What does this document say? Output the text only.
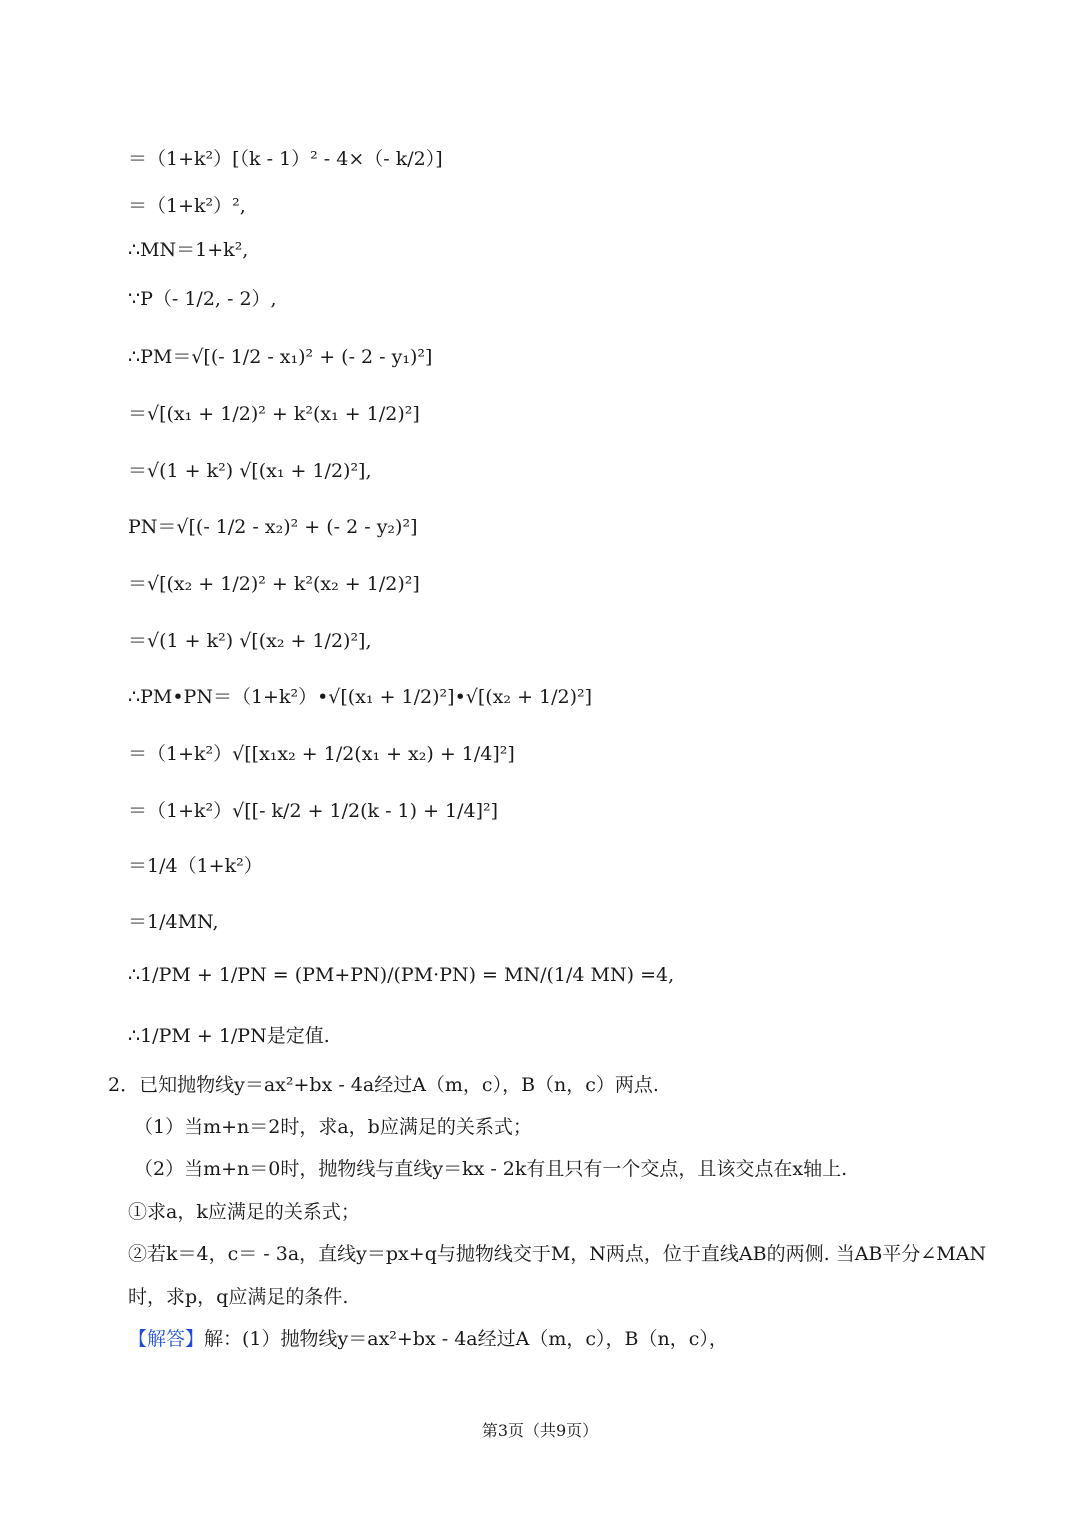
＝（1+k²）[（k - 1）² - 4×（- k/2）]
＝（1+k²）²,
∴MN＝1+k²,
∵P（- 1/2, - 2）,
∴PM＝√[(- 1/2 - x₁)² + (- 2 - y₁)²]
＝√[(x₁ + 1/2)² + k²(x₁ + 1/2)²]
＝√(1 + k²) √[(x₁ + 1/2)²],
PN＝√[(- 1/2 - x₂)² + (- 2 - y₂)²]
＝√[(x₂ + 1/2)² + k²(x₂ + 1/2)²]
＝√(1 + k²) √[(x₂ + 1/2)²],
∴PM•PN＝（1+k²）•√[(x₁ + 1/2)²]•√[(x₂ + 1/2)²]
＝（1+k²）√[[x₁x₂ + 1/2(x₁ + x₂) + 1/4]²]
＝（1+k²）√[[- k/2 + 1/2(k - 1) + 1/4]²]
＝1/4（1+k²）
＝1/4MN,
∴1/PM + 1/PN = (PM+PN)/(PM·PN) = MN/(1/4 MN) =4,
∴1/PM + 1/PN是定值.
2．已知抛物线y＝ax²+bx - 4a经过A（m，c），B（n，c）两点.
（1）当m+n＝2时，求a，b应满足的关系式；
（2）当m+n＝0时，抛物线与直线y＝kx - 2k有且只有一个交点，且该交点在x轴上.
①求a，k应满足的关系式；
②若k＝4，c＝ - 3a，直线y＝px+q与抛物线交于M，N两点，位于直线AB的两侧. 当AB平分∠MAN
时，求p，q应满足的条件.
【解答】解：(1）抛物线y＝ax²+bx - 4a经过A（m，c），B（n，c），
第3页（共9页）
